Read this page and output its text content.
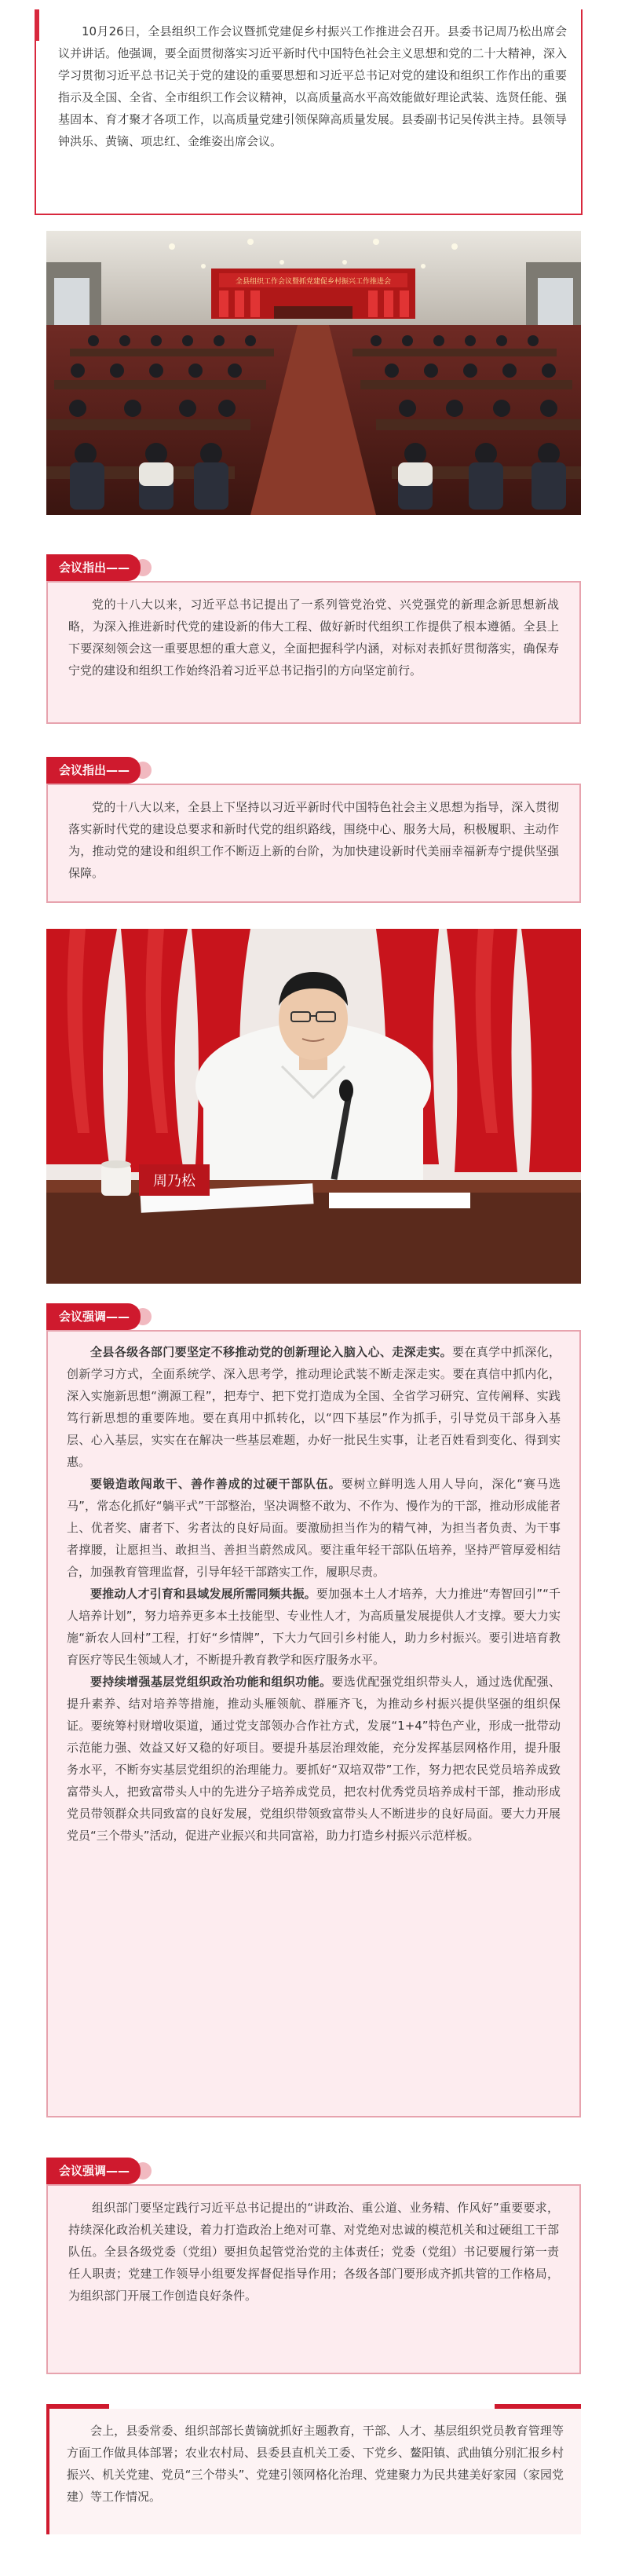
10月26日，全县组织工作会议暨抓党建促乡村振兴工作推进会召开。县委书记周乃松出席会议并讲话。他强调，要全面贯彻落实习近平新时代中国特色社会主义思想和党的二十大精神，深入学习贯彻习近平总书记关于党的建设的重要思想和习近平总书记对党的建设和组织工作作出的重要指示及全国、全省、全市组织工作会议精神，以高质量高水平高效能做好理论武装、选贤任能、强基固本、育才聚才各项工作，以高质量党建引领保障高质量发展。县委副书记吴传洪主持。县领导钟洪乐、黄镝、项忠红、金维姿出席会议。

全县组织工作会议暨抓党建促乡村振兴工作推进会
会议指出——

党的十八大以来，习近平总书记提出了一系列管党治党、兴党强党的新理念新思想新战略，为深入推进新时代党的建设新的伟大工程、做好新时代组织工作提供了根本遵循。全县上下要深刻领会这一重要思想的重大意义，全面把握科学内涵，对标对表抓好贯彻落实，确保寿宁党的建设和组织工作始终沿着习近平总书记指引的方向坚定前行。

会议指出——

党的十八大以来，全县上下坚持以习近平新时代中国特色社会主义思想为指导，深入贯彻落实新时代党的建设总要求和新时代党的组织路线，围绕中心、服务大局，积极履职、主动作为，推动党的建设和组织工作不断迈上新的台阶，为加快建设新时代美丽幸福新寿宁提供坚强保障。

周乃松
会议强调——

全县各级各部门要坚定不移推动党的创新理论入脑入心、走深走实。要在真学中抓深化，创新学习方式，全面系统学、深入思考学，推动理论武装不断走深走实。要在真信中抓内化，深入实施新思想“溯源工程”，把寿宁、把下党打造成为全国、全省学习研究、宣传阐释、实践笃行新思想的重要阵地。要在真用中抓转化，以“四下基层”作为抓手，引导党员干部身入基层、心入基层，实实在在解决一些基层难题，办好一批民生实事，让老百姓看到变化、得到实惠。

要锻造敢闯敢干、善作善成的过硬干部队伍。要树立鲜明选人用人导向，深化“赛马选马”，常态化抓好“躺平式”干部整治，坚决调整不敢为、不作为、慢作为的干部，推动形成能者上、优者奖、庸者下、劣者汰的良好局面。要激励担当作为的精气神，为担当者负责、为干事者撑腰，让愿担当、敢担当、善担当蔚然成风。要注重年轻干部队伍培养，坚持严管厚爱相结合，加强教育管理监督，引导年轻干部踏实工作，履职尽责。

要推动人才引育和县域发展所需同频共振。要加强本土人才培养，大力推进“寿智回引”“千人培养计划”，努力培养更多本土技能型、专业性人才，为高质量发展提供人才支撑。要大力实施“新农人回村”工程，打好“乡情牌”，下大力气回引乡村能人，助力乡村振兴。要引进培育教育医疗等民生领域人才，不断提升教育教学和医疗服务水平。

要持续增强基层党组织政治功能和组织功能。要选优配强党组织带头人，通过选优配强、提升素养、结对培养等措施，推动头雁领航、群雁齐飞，为推动乡村振兴提供坚强的组织保证。要统筹村财增收渠道，通过党支部领办合作社方式，发展“1+4”特色产业，形成一批带动示范能力强、效益又好又稳的好项目。要提升基层治理效能，充分发挥基层网格作用，提升服务水平，不断夯实基层党组织的治理能力。要抓好“双培双带”工作，努力把农民党员培养成致富带头人，把致富带头人中的先进分子培养成党员，把农村优秀党员培养成村干部，推动形成党员带领群众共同致富的良好发展，党组织带领致富带头人不断进步的良好局面。要大力开展党员“三个带头”活动，促进产业振兴和共同富裕，助力打造乡村振兴示范样板。

会议强调——

组织部门要坚定践行习近平总书记提出的“讲政治、重公道、业务精、作风好”重要要求，持续深化政治机关建设，着力打造政治上绝对可靠、对党绝对忠诚的模范机关和过硬组工干部队伍。全县各级党委（党组）要担负起管党治党的主体责任；党委（党组）书记要履行第一责任人职责；党建工作领导小组要发挥督促指导作用；各级各部门要形成齐抓共管的工作格局，为组织部门开展工作创造良好条件。

会上，县委常委、组织部部长黄镝就抓好主题教育，干部、人才、基层组织党员教育管理等方面工作做具体部署；农业农村局、县委县直机关工委、下党乡、鳌阳镇、武曲镇分别汇报乡村振兴、机关党建、党员“三个带头”、党建引领网格化治理、党建聚力为民共建美好家园（家园党建）等工作情况。
